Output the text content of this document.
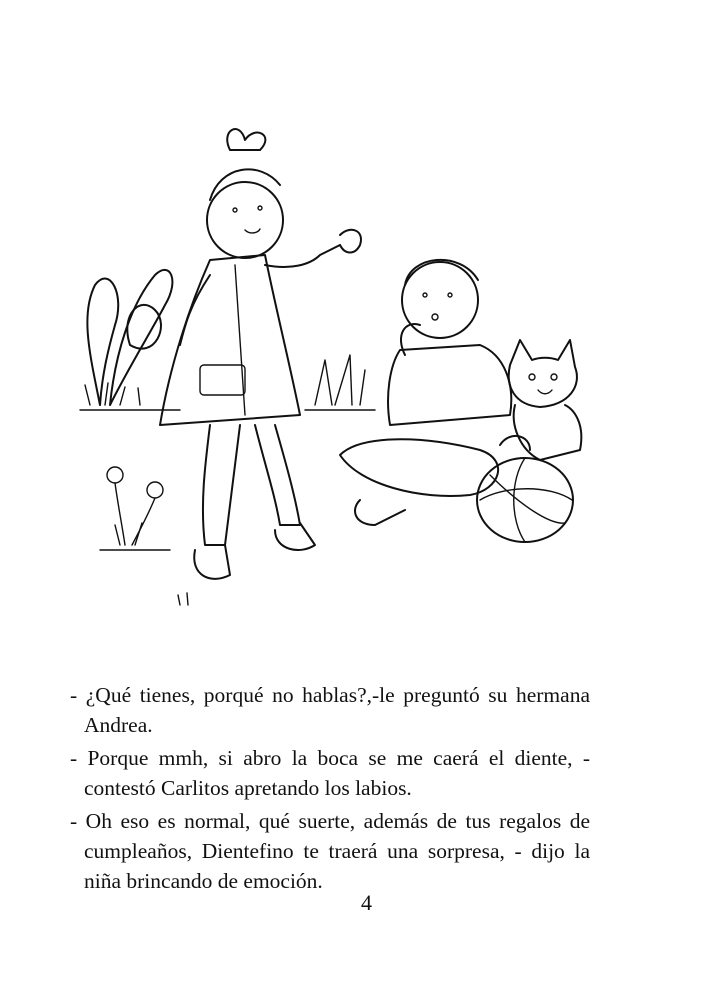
- ¿Qué tienes, porqué no hablas?,-le preguntó su hermana Andrea.

- Porque mmh, si abro la boca se me caerá el diente, - contestó Carlitos apretando los labios.

- Oh eso es normal, qué suerte, además de tus regalos de cumpleaños, Dientefino te traerá una sorpresa, - dijo la niña brincando de emoción.

4
